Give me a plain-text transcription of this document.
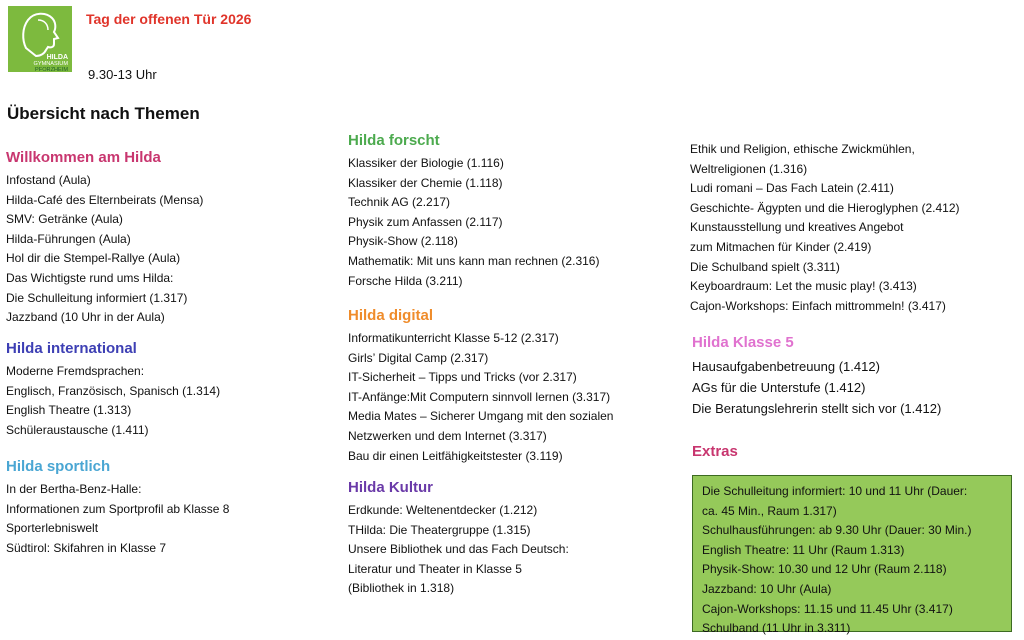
HILDA
GYMNASIUM
PFORZHEIM
Tag der offenen Tür 2026
9.30-13 Uhr
Übersicht nach Themen
Willkommen am Hilda
Infostand (Aula)
Hilda-Café des Elternbeirats (Mensa)
SMV: Getränke (Aula)
Hilda-Führungen (Aula)
Hol dir die Stempel-Rallye (Aula)
Das Wichtigste rund ums Hilda:
Die Schulleitung informiert (1.317)
Jazzband (10 Uhr in der Aula)
Hilda international
Moderne Fremdsprachen:
Englisch, Französisch, Spanisch (1.314)
English Theatre (1.313)
Schüleraustausche (1.411)
Hilda sportlich
In der Bertha-Benz-Halle:
Informationen zum Sportprofil ab Klasse 8
Sporterlebniswelt
Südtirol: Skifahren in Klasse 7
Hilda forscht
Klassiker der Biologie (1.116)
Klassiker der Chemie (1.118)
Technik AG (2.217)
Physik zum Anfassen (2.117)
Physik-Show (2.118)
Mathematik: Mit uns kann man rechnen (2.316)
Forsche Hilda (3.211)
Hilda digital
Informatikunterricht Klasse 5-12 (2.317)
Girls’ Digital Camp (2.317)
IT-Sicherheit – Tipps und Tricks (vor 2.317)
IT-Anfänge:Mit Computern sinnvoll lernen (3.317)
Media Mates – Sicherer Umgang mit den sozialen
Netzwerken und dem Internet (3.317)
Bau dir einen Leitfähigkeitstester (3.119)
Hilda Kultur
Erdkunde: Weltenentdecker (1.212)
THilda: Die Theatergruppe (1.315)
Unsere Bibliothek und das Fach Deutsch:
Literatur und Theater in Klasse 5
(Bibliothek in 1.318)
Ethik und Religion, ethische Zwickmühlen,
Weltreligionen (1.316)
Ludi romani – Das Fach Latein (2.411)
Geschichte- Ägypten und die Hieroglyphen (2.412)
Kunstausstellung und kreatives Angebot
zum Mitmachen für Kinder (2.419)
Die Schulband spielt (3.311)
Keyboardraum: Let the music play! (3.413)
Cajon-Workshops: Einfach mittrommeln! (3.417)
Hilda Klasse 5
Hausaufgabenbetreuung (1.412)
AGs für die Unterstufe (1.412)
Die Beratungslehrerin stellt sich vor (1.412)
Extras
Die Schulleitung informiert: 10 und 11 Uhr (Dauer:
ca. 45 Min., Raum 1.317)
Schulhausführungen: ab 9.30 Uhr (Dauer: 30 Min.)
English Theatre: 11 Uhr (Raum 1.313)
Physik-Show: 10.30 und 12 Uhr (Raum 2.118)
Jazzband: 10 Uhr (Aula)
Cajon-Workshops: 11.15 und 11.45 Uhr (3.417)
Schulband (11 Uhr in 3.311)
